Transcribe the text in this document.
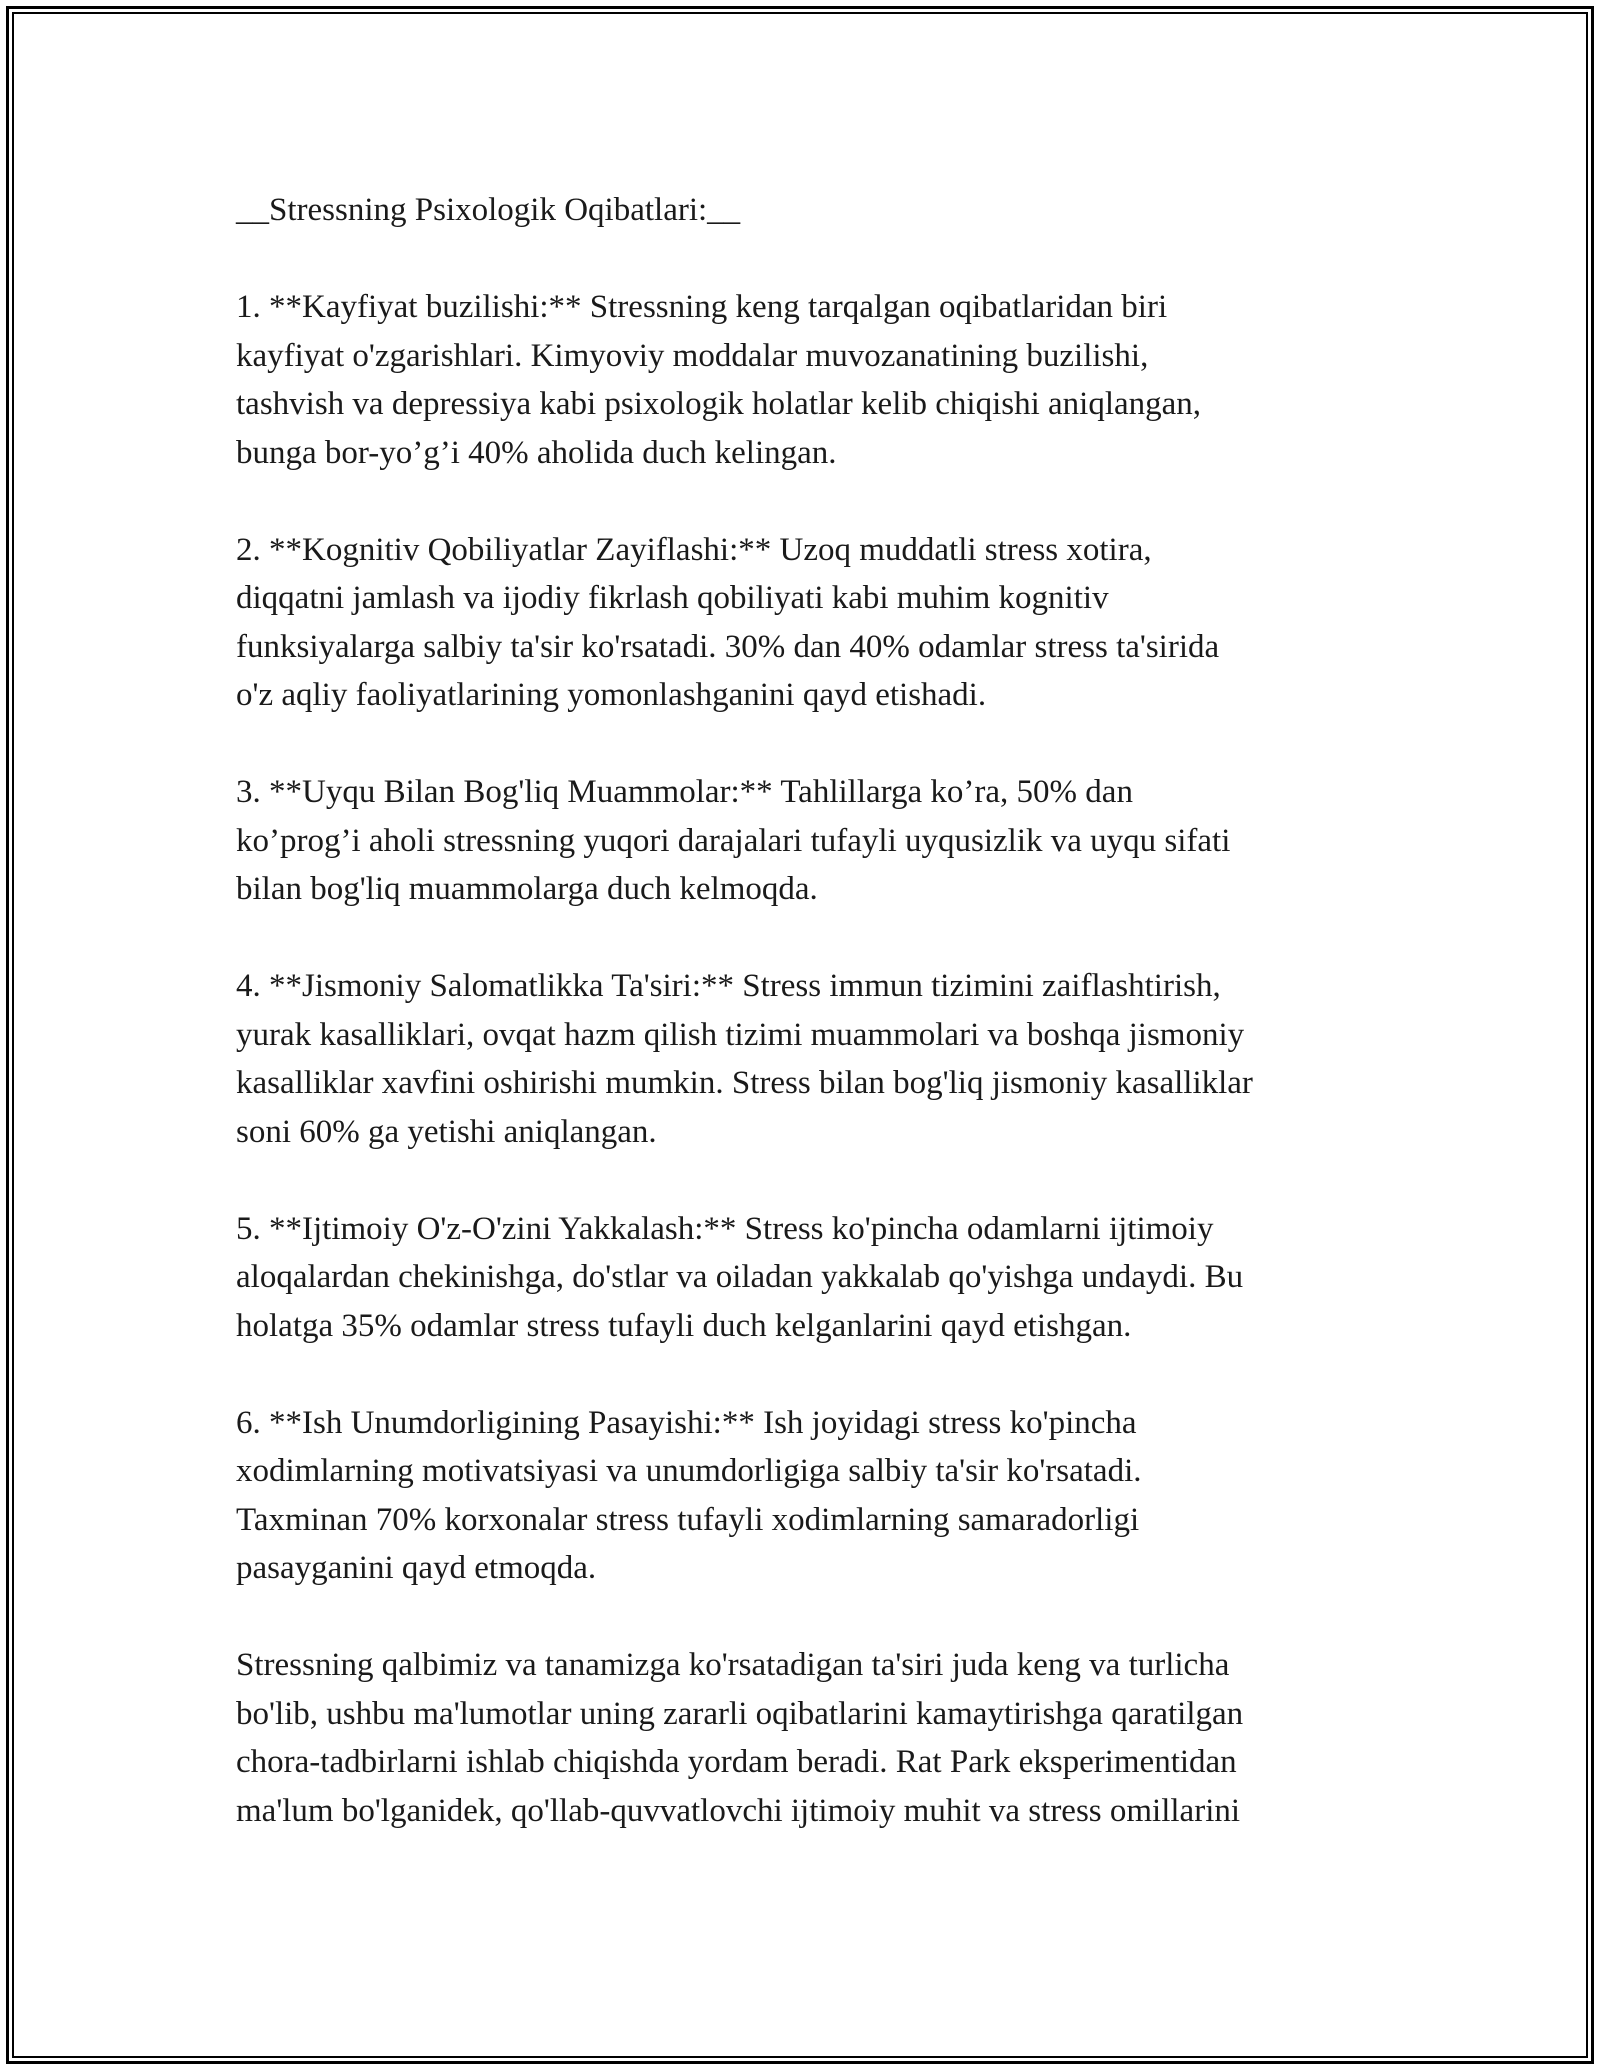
__Stressning Psixologik Oqibatlari:__

1. **Kayfiyat buzilishi:** Stressning keng tarqalgan oqibatlaridan biri

kayfiyat o'zgarishlari. Kimyoviy moddalar muvozanatining buzilishi,

tashvish va depressiya kabi psixologik holatlar kelib chiqishi aniqlangan,

bunga bor-yo’g’i 40% aholida duch kelingan.

2. **Kognitiv Qobiliyatlar Zayiflashi:** Uzoq muddatli stress xotira,

diqqatni jamlash va ijodiy fikrlash qobiliyati kabi muhim kognitiv

funksiyalarga salbiy ta'sir ko'rsatadi. 30% dan 40% odamlar stress ta'sirida

o'z aqliy faoliyatlarining yomonlashganini qayd etishadi.

3. **Uyqu Bilan Bog'liq Muammolar:** Tahlillarga ko’ra, 50% dan

ko’prog’i aholi stressning yuqori darajalari tufayli uyqusizlik va uyqu sifati

bilan bog'liq muammolarga duch kelmoqda.

4. **Jismoniy Salomatlikka Ta'siri:** Stress immun tizimini zaiflashtirish,

yurak kasalliklari, ovqat hazm qilish tizimi muammolari va boshqa jismoniy

kasalliklar xavfini oshirishi mumkin. Stress bilan bog'liq jismoniy kasalliklar

soni 60% ga yetishi aniqlangan.

5. **Ijtimoiy O'z-O'zini Yakkalash:** Stress ko'pincha odamlarni ijtimoiy

aloqalardan chekinishga, do'stlar va oiladan yakkalab qo'yishga undaydi. Bu

holatga 35% odamlar stress tufayli duch kelganlarini qayd etishgan.

6. **Ish Unumdorligining Pasayishi:** Ish joyidagi stress ko'pincha

xodimlarning motivatsiyasi va unumdorligiga salbiy ta'sir ko'rsatadi.

Taxminan 70% korxonalar stress tufayli xodimlarning samaradorligi

pasayganini qayd etmoqda.

Stressning qalbimiz va tanamizga ko'rsatadigan ta'siri juda keng va turlicha

bo'lib, ushbu ma'lumotlar uning zararli oqibatlarini kamaytirishga qaratilgan

chora-tadbirlarni ishlab chiqishda yordam beradi. Rat Park eksperimentidan

ma'lum bo'lganidek, qo'llab-quvvatlovchi ijtimoiy muhit va stress omillarini
